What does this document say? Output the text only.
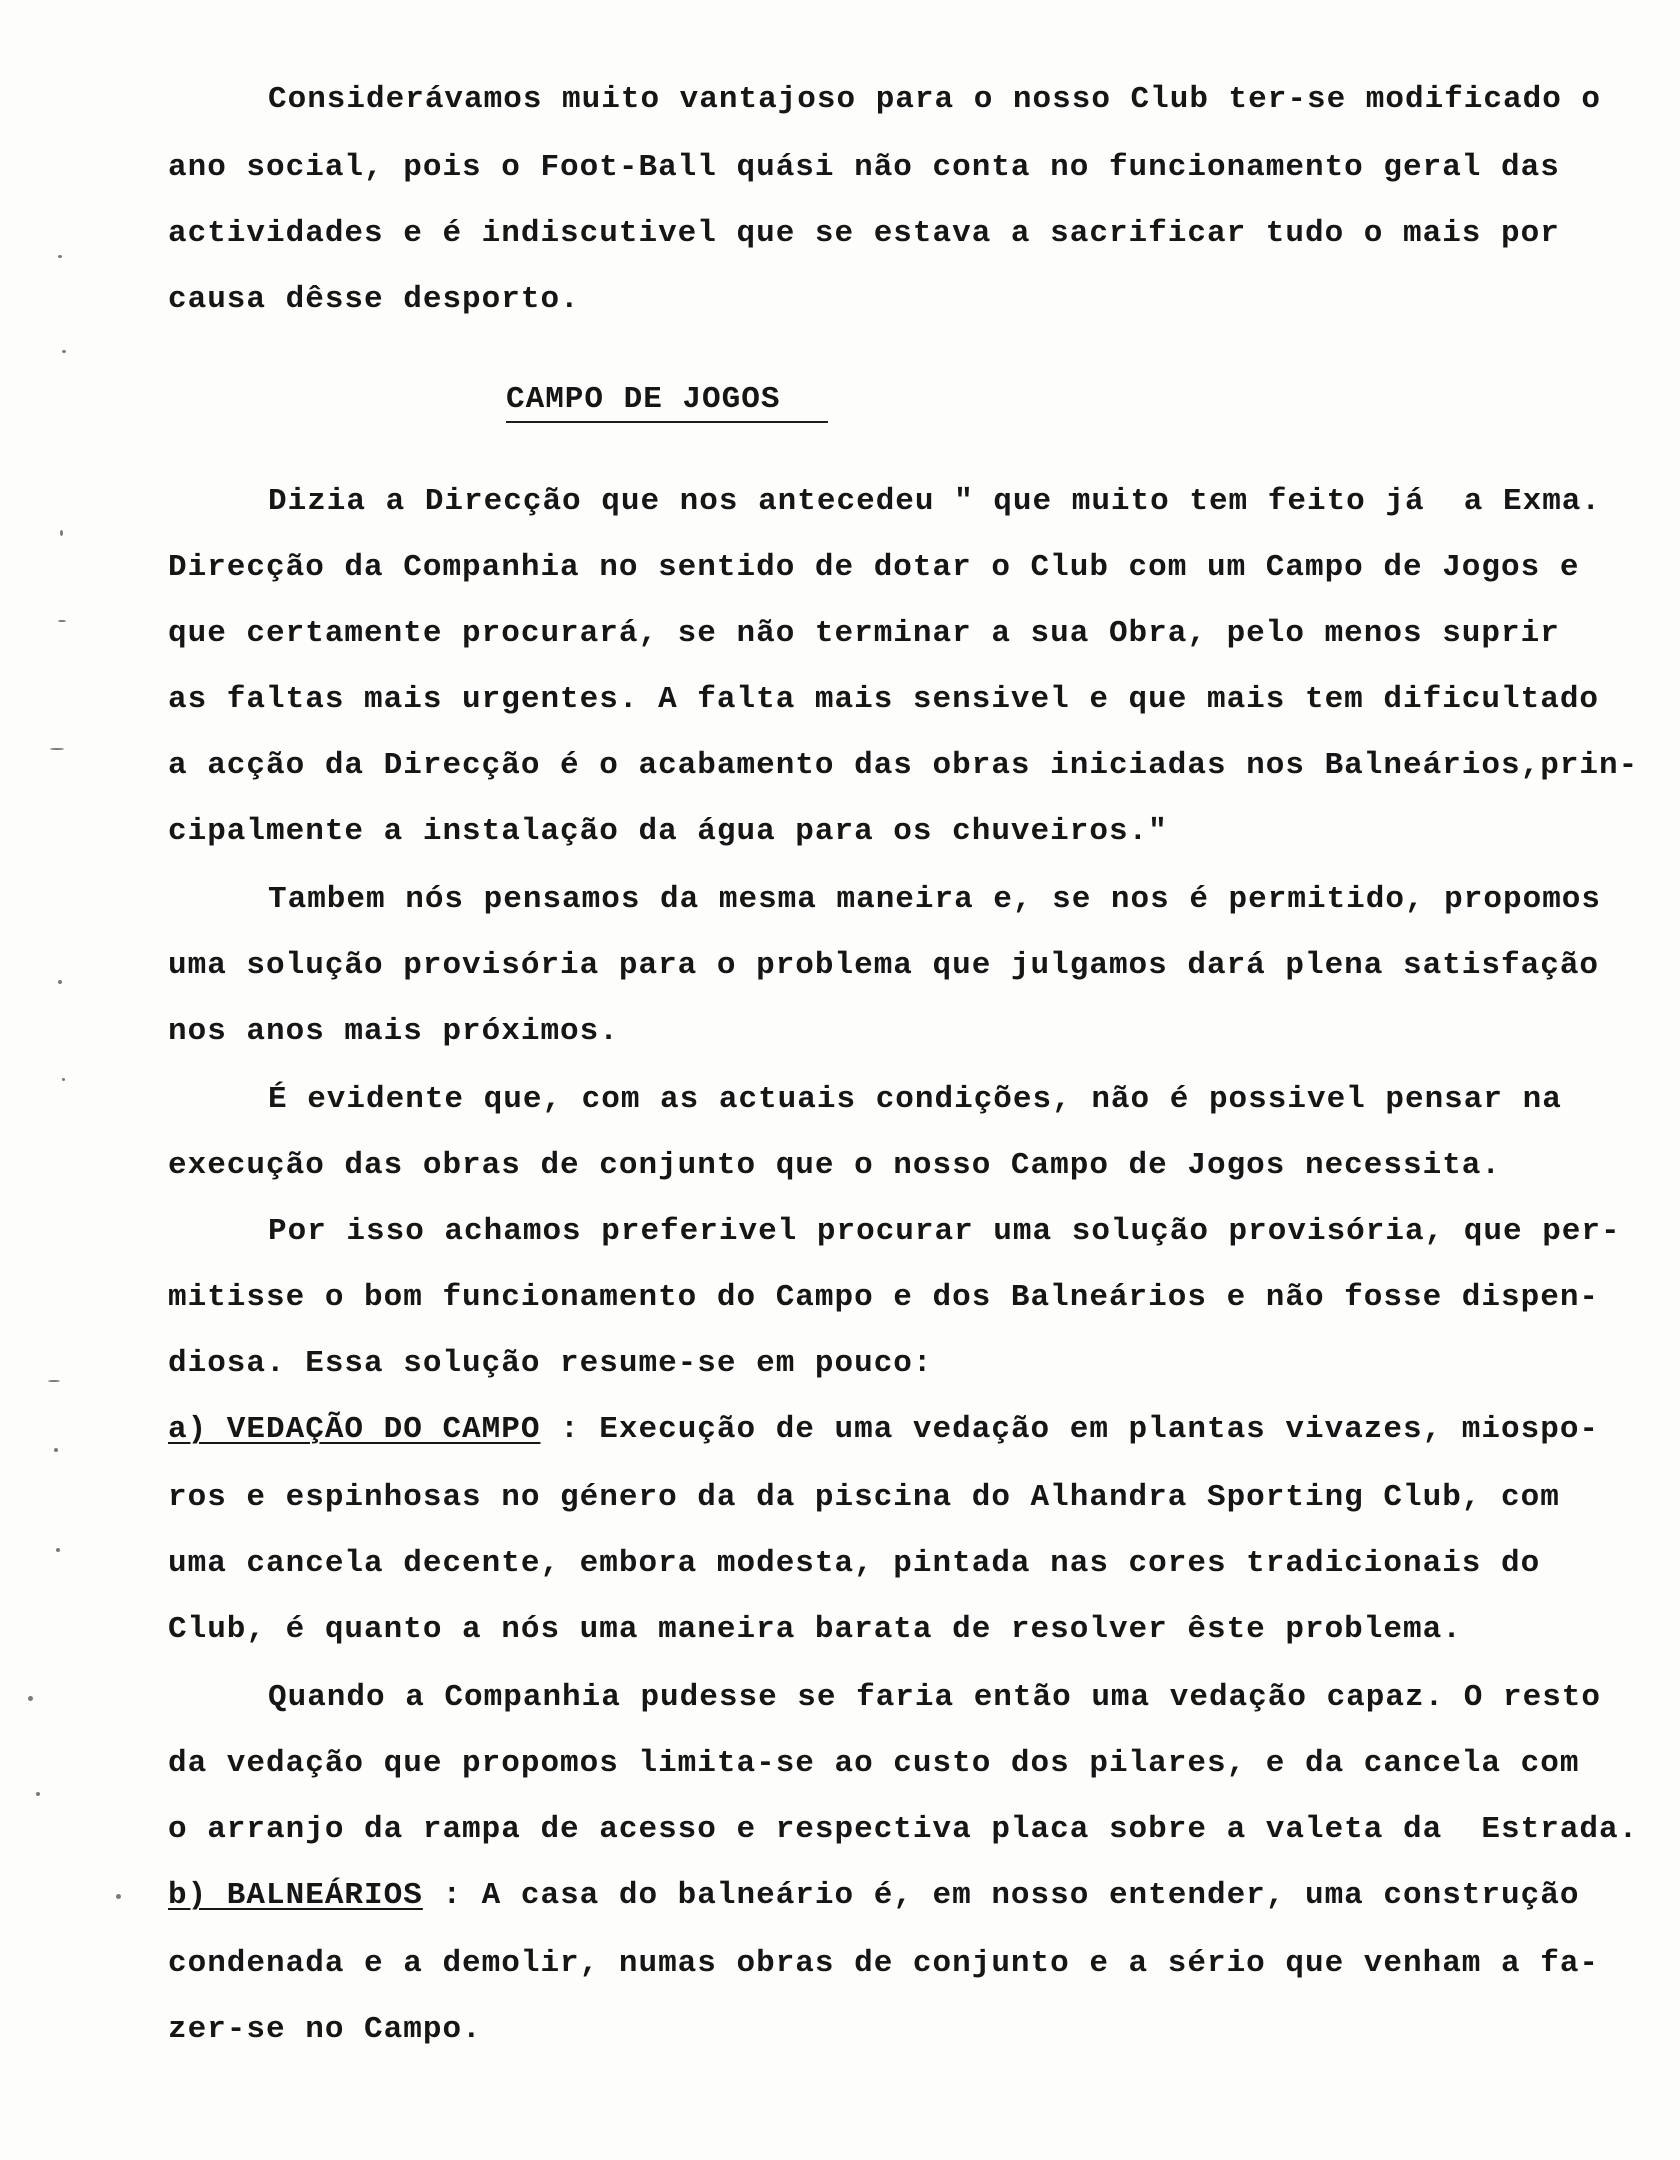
Considerávamos muito vantajoso para o nosso Club ter-se modificado o

ano social, pois o Foot-Ball quási não conta no funcionamento geral das

actividades e é indiscutivel que se estava a sacrificar tudo o mais por

causa dêsse desporto.

CAMPO DE JOGOS

Dizia a Direcção que nos antecedeu " que muito tem feito já  a Exma.

Direcção da Companhia no sentido de dotar o Club com um Campo de Jogos e

que certamente procurará, se não terminar a sua Obra, pelo menos suprir

as faltas mais urgentes. A falta mais sensivel e que mais tem dificultado

a acção da Direcção é o acabamento das obras iniciadas nos Balneários,prin-

cipalmente a instalação da água para os chuveiros."

Tambem nós pensamos da mesma maneira e, se nos é permitido, propomos

uma solução provisória para o problema que julgamos dará plena satisfação

nos anos mais próximos.

É evidente que, com as actuais condições, não é possivel pensar na

execução das obras de conjunto que o nosso Campo de Jogos necessita.

Por isso achamos preferivel procurar uma solução provisória, que per-

mitisse o bom funcionamento do Campo e dos Balneários e não fosse dispen-

diosa. Essa solução resume-se em pouco:

a) VEDAÇÃO DO CAMPO : Execução de uma vedação em plantas vivazes, miospo-

ros e espinhosas no género da da piscina do Alhandra Sporting Club, com

uma cancela decente, embora modesta, pintada nas cores tradicionais do

Club, é quanto a nós uma maneira barata de resolver êste problema.

Quando a Companhia pudesse se faria então uma vedação capaz. O resto

da vedação que propomos limita-se ao custo dos pilares, e da cancela com

o arranjo da rampa de acesso e respectiva placa sobre a valeta da  Estrada.

b) BALNEÁRIOS : A casa do balneário é, em nosso entender, uma construção

condenada e a demolir, numas obras de conjunto e a sério que venham a fa-

zer-se no Campo.
